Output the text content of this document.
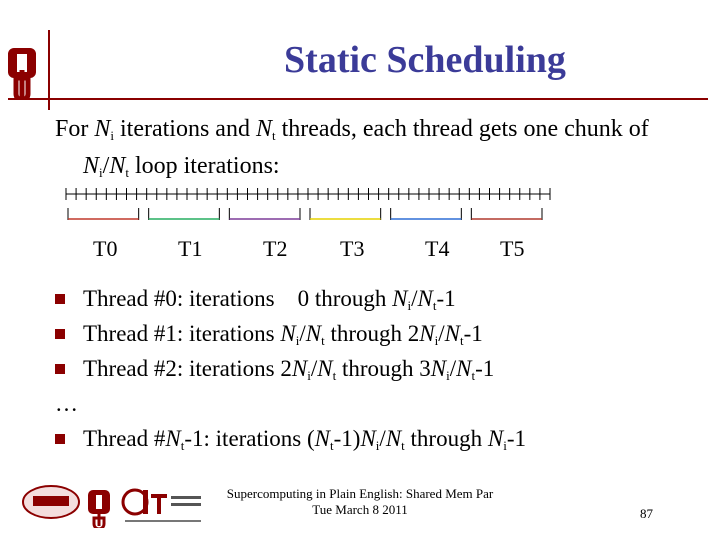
Static Scheduling
For $N_i$ iterations and $N_t$ threads, each thread gets one chunk of
$N_i/N_t$ loop iterations:
T0	T1	T2 T3	T4 T5
Thread #0: iterations 0 through $N_i/N_t-1$
Thread #1: iterations $N_i/N_t$ through $2N_i/N_t-1$
Thread #2: iterations $2N_i/N_t$ through $3N_i/N_t-1$
…
Thread $\#N_t-1$: iterations $(N_t-1)N_i/N_t$ through $N_i-1$
Supercomputing in Plain English: Shared Mem Par
Tue March 8 2011	87
